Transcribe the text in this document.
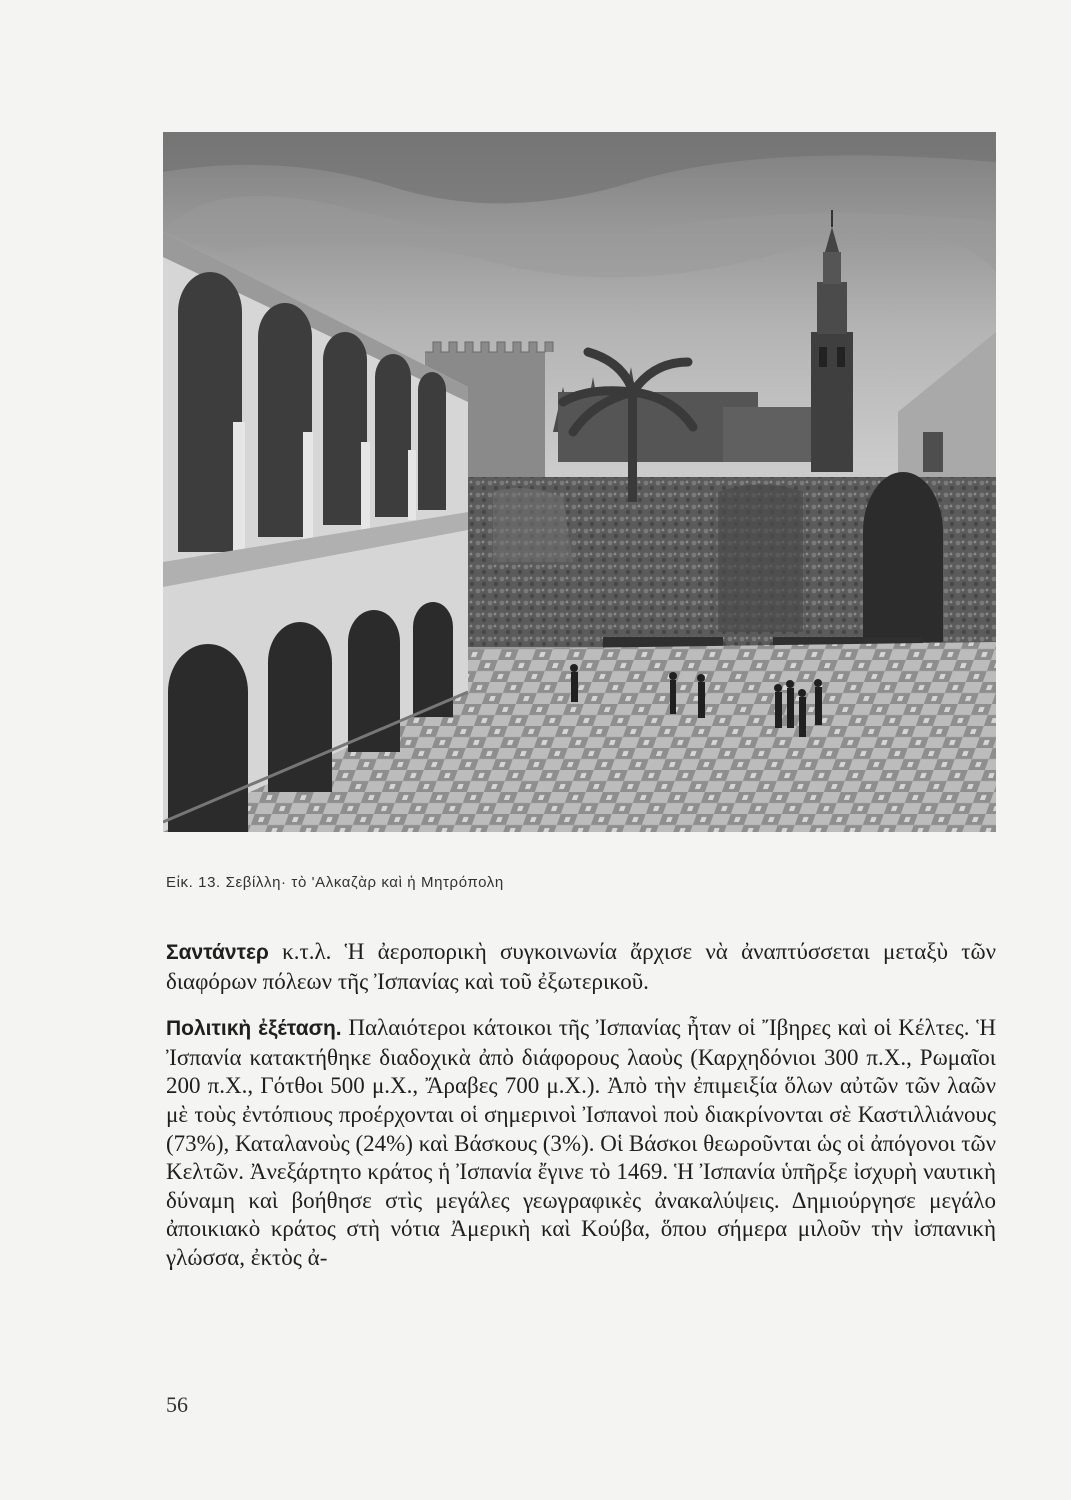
Εἰκ. 13. Σεβίλλη· τὸ 'Αλκαζὰρ καὶ ἡ Μητρόπολη

Σαντάντερ κ.τ.λ. Ἡ ἀεροπορικὴ συγκοινωνία ἄρχισε νὰ ἀναπτύσσεται μεταξὺ τῶν διαφόρων πόλεων τῆς Ἰσπανίας καὶ τοῦ ἐξωτερικοῦ.

Πολιτικὴ ἐξέταση. Παλαιότεροι κάτοικοι τῆς Ἰσπανίας ἦταν οἱ Ἴβηρες καὶ οἱ Κέλτες. Ἡ Ἰσπανία κατακτήθηκε διαδοχικὰ ἀπὸ διάφορους λαοὺς (Καρχηδόνιοι 300 π.Χ., Ρωμαῖοι 200 π.Χ., Γότθοι 500 μ.Χ., Ἄραβες 700 μ.Χ.). Ἀπὸ τὴν ἐπιμειξία ὅλων αὐτῶν τῶν λαῶν μὲ τοὺς ἐντόπιους προέρχονται οἱ σημερινοὶ Ἰσπανοὶ ποὺ διακρίνονται σὲ Καστιλλιάνους (73%), Καταλανοὺς (24%) καὶ Βάσκους (3%). Οἱ Βάσκοι θεωροῦνται ὡς οἱ ἀπόγονοι τῶν Κελτῶν. Ἀνεξάρτητο κράτος ἡ Ἰσπανία ἔγινε τὸ 1469. Ἡ Ἰσπανία ὑπῆρξε ἰσχυρὴ ναυτικὴ δύναμη καὶ βοήθησε στὶς μεγάλες γεωγραφικὲς ἀνακαλύψεις. Δημιούργησε μεγάλο ἀποικιακὸ κράτος στὴ νότια Ἀμερικὴ καὶ Κούβα, ὅπου σήμερα μιλοῦν τὴν ἰσπανικὴ γλώσσα, ἐκτὸς ἀ-

56
